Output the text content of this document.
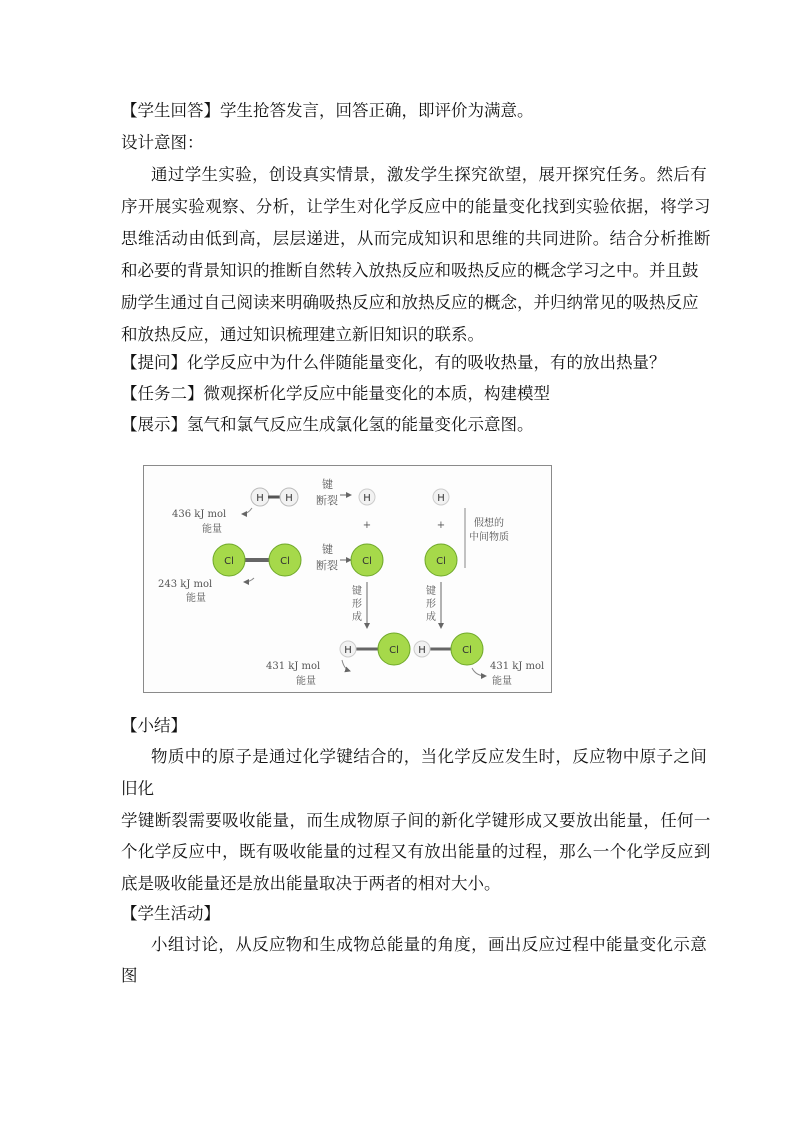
【学生回答】学生抢答发言，回答正确，即评价为满意。
设计意图：
通过学生实验，创设真实情景，激发学生探究欲望，展开探究任务。然后有
序开展实验观察、分析，让学生对化学反应中的能量变化找到实验依据，将学习
思维活动由低到高，层层递进，从而完成知识和思维的共同进阶。结合分析推断
和必要的背景知识的推断自然转入放热反应和吸热反应的概念学习之中。并且鼓
励学生通过自己阅读来明确吸热反应和放热反应的概念，并归纳常见的吸热反应
和放热反应，通过知识梳理建立新旧知识的联系。
【提问】化学反应中为什么伴随能量变化，有的吸收热量，有的放出热量？
【任务二】微观探析化学反应中能量变化的本质，构建模型
【展示】氢气和氯气反应生成氯化氢的能量变化示意图。
H H
436 kJ mol
能量
Cl	Cl
243 kJ mol
能量
键
断裂
键
断裂
H
+
Cl
H
+
Cl
假想的
中间物质
键
形
成
键
形
成
H	Cl
431 kJ mol
能量
H	Cl
431 kJ mol
能量
【小结】
物质中的原子是通过化学键结合的，当化学反应发生时，反应物中原子之间
旧化
学键断裂需要吸收能量，而生成物原子间的新化学键形成又要放出能量，任何一
个化学反应中，既有吸收能量的过程又有放出能量的过程，那么一个化学反应到
底是吸收能量还是放出能量取决于两者的相对大小。
【学生活动】
小组讨论，从反应物和生成物总能量的角度，画出反应过程中能量变化示意
图
